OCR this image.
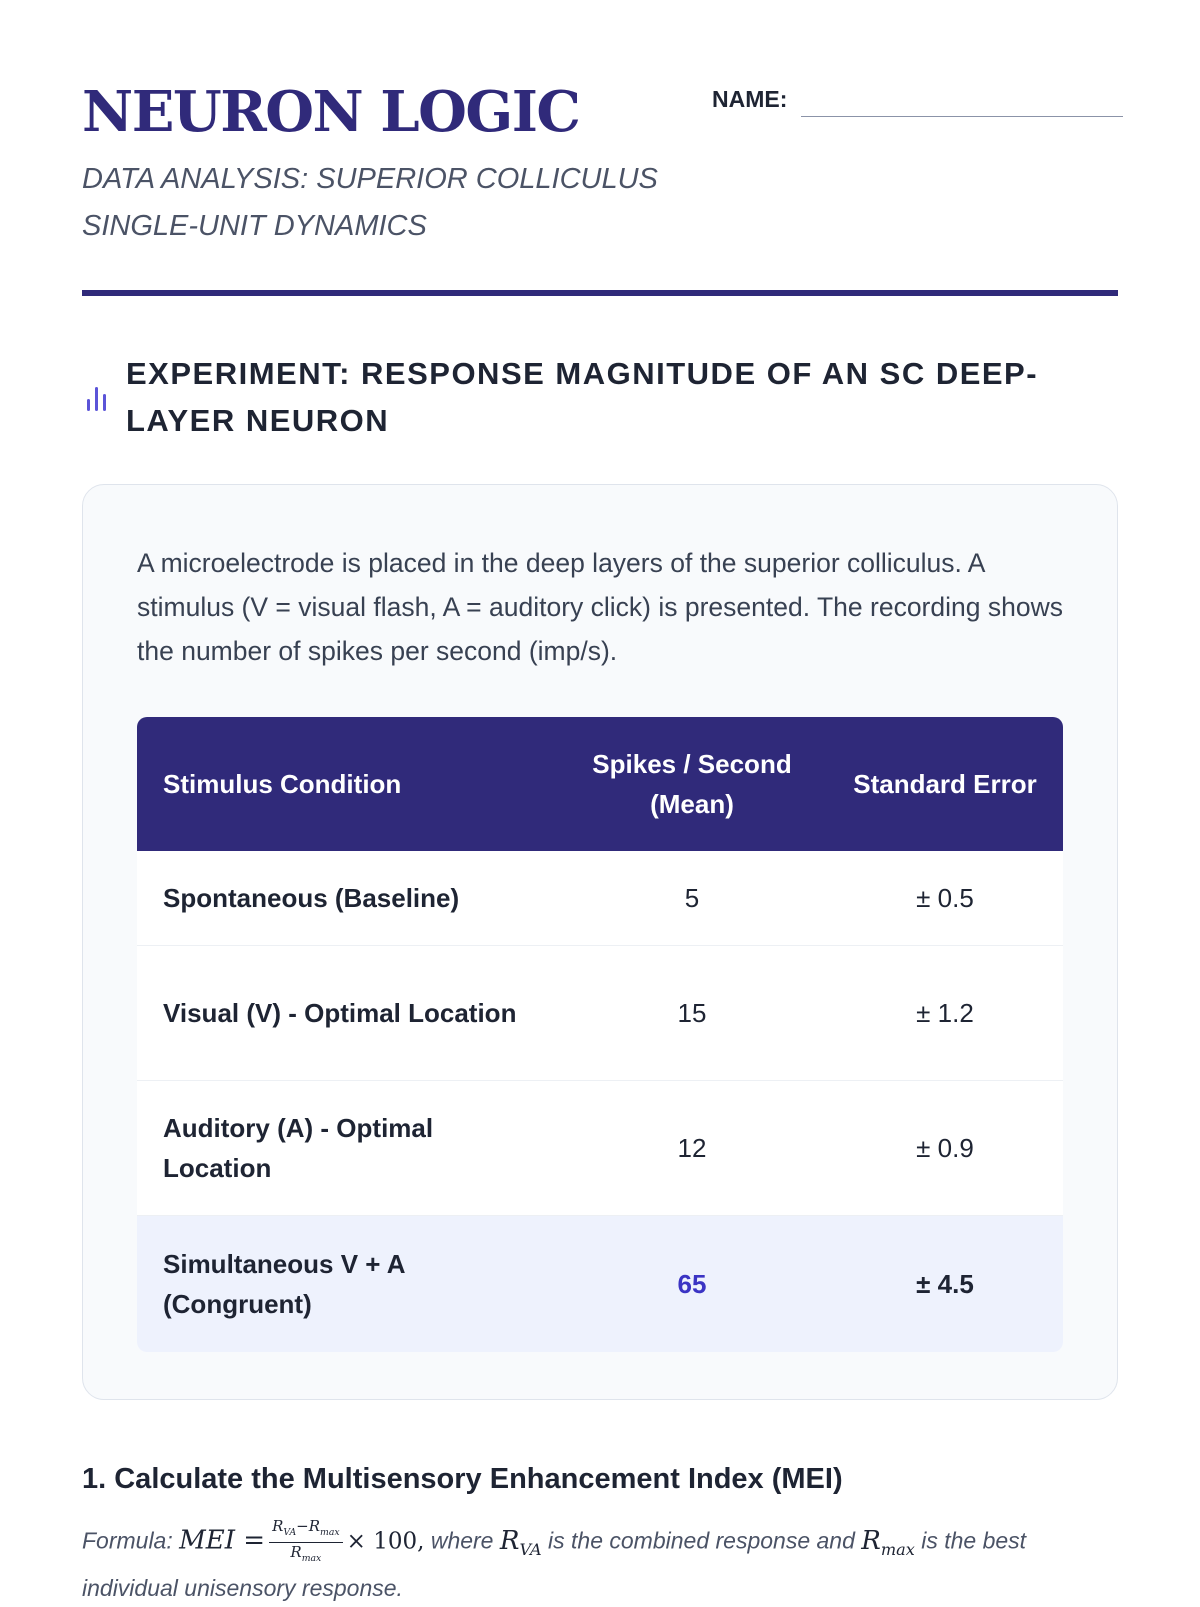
NEURON LOGIC

DATA ANALYSIS: SUPERIOR COLLICULUS SINGLE-UNIT DYNAMICS

NAME:
EXPERIMENT: RESPONSE MAGNITUDE OF AN SC DEEP-LAYER NEURON

A microelectrode is placed in the deep layers of the superior colliculus. A stimulus (V = visual flash, A = auditory click) is presented. The recording shows the number of spikes per second (imp/s).

Stimulus Condition	Spikes / Second (Mean)	Standard Error
Spontaneous (Baseline)	5	± 0.5
Visual (V) - Optimal Location	15	± 1.2
Auditory (A) - Optimal Location	12	± 0.9
Simultaneous V + A (Congruent)	65	± 4.5
1. Calculate the Multisensory Enhancement Index (MEI)

Formula: MEI = $\frac{R_{VA}-R_{max}}{R_{max}} \times 100$, where $R_{VA}$ is the combined response and $R_{max}$ is the best individual unisensory response.
